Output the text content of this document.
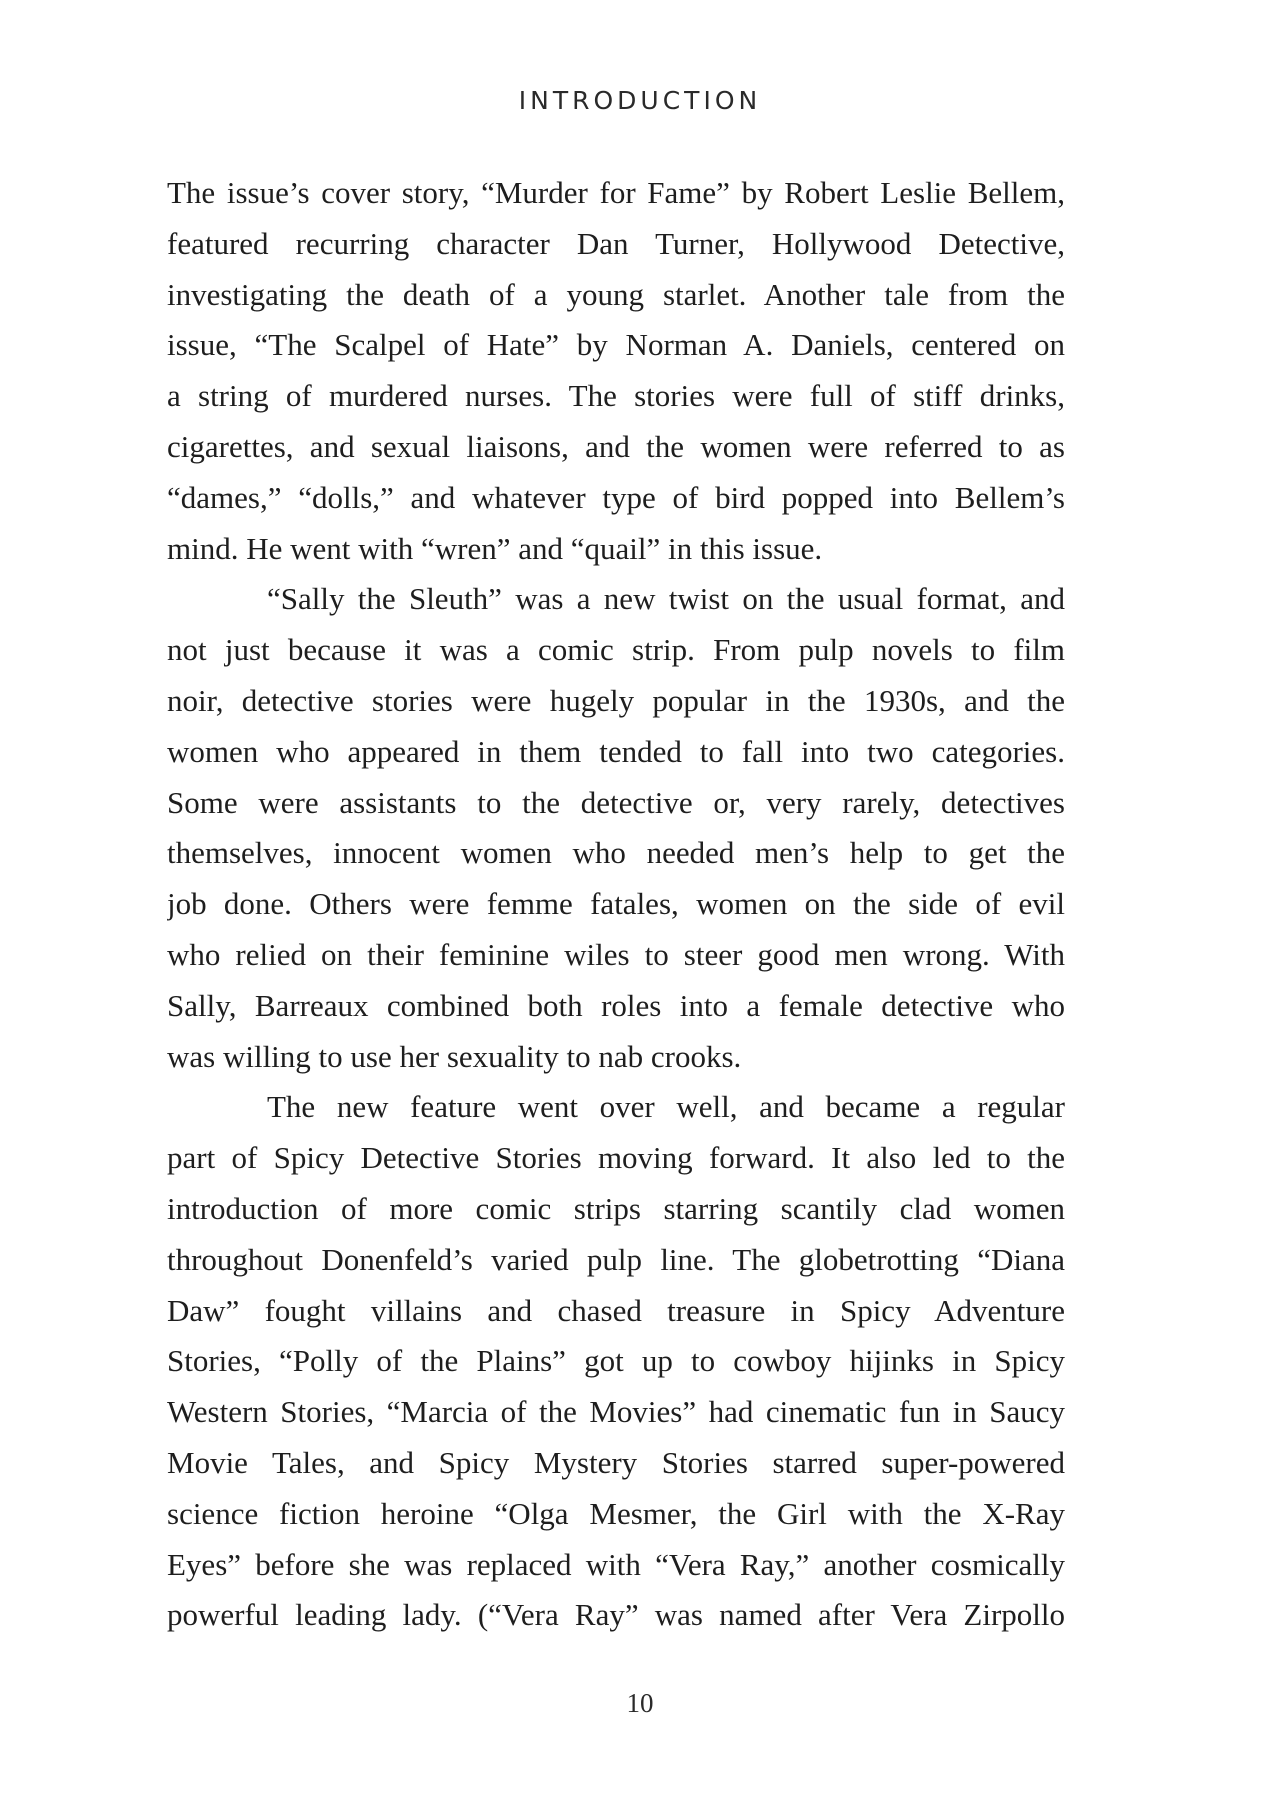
INTRODUCTION
The issue’s cover story, “Murder for Fame” by Robert Leslie Bellem,
featured recurring character Dan Turner, Hollywood Detective,
investigating the death of a young starlet. Another tale from the
issue, “The Scalpel of Hate” by Norman A. Daniels, centered on
a string of murdered nurses. The stories were full of stiff drinks,
cigarettes, and sexual liaisons, and the women were referred to as
“dames,” “dolls,” and whatever type of bird popped into Bellem’s
mind. He went with “wren” and “quail” in this issue.
“Sally the Sleuth” was a new twist on the usual format, and
not just because it was a comic strip. From pulp novels to film
noir, detective stories were hugely popular in the 1930s, and the
women who appeared in them tended to fall into two categories.
Some were assistants to the detective or, very rarely, detectives
themselves, innocent women who needed men’s help to get the
job done. Others were femme fatales, women on the side of evil
who relied on their feminine wiles to steer good men wrong. With
Sally, Barreaux combined both roles into a female detective who
was willing to use her sexuality to nab crooks.
The new feature went over well, and became a regular
part of Spicy Detective Stories moving forward. It also led to the
introduction of more comic strips starring scantily clad women
throughout Donenfeld’s varied pulp line. The globetrotting “Diana
Daw” fought villains and chased treasure in Spicy Adventure
Stories, “Polly of the Plains” got up to cowboy hijinks in Spicy
Western Stories, “Marcia of the Movies” had cinematic fun in Saucy
Movie Tales, and Spicy Mystery Stories starred super-powered
science fiction heroine “Olga Mesmer, the Girl with the X-Ray
Eyes” before she was replaced with “Vera Ray,” another cosmically
powerful leading lady. (“Vera Ray” was named after Vera Zirpollo
10
